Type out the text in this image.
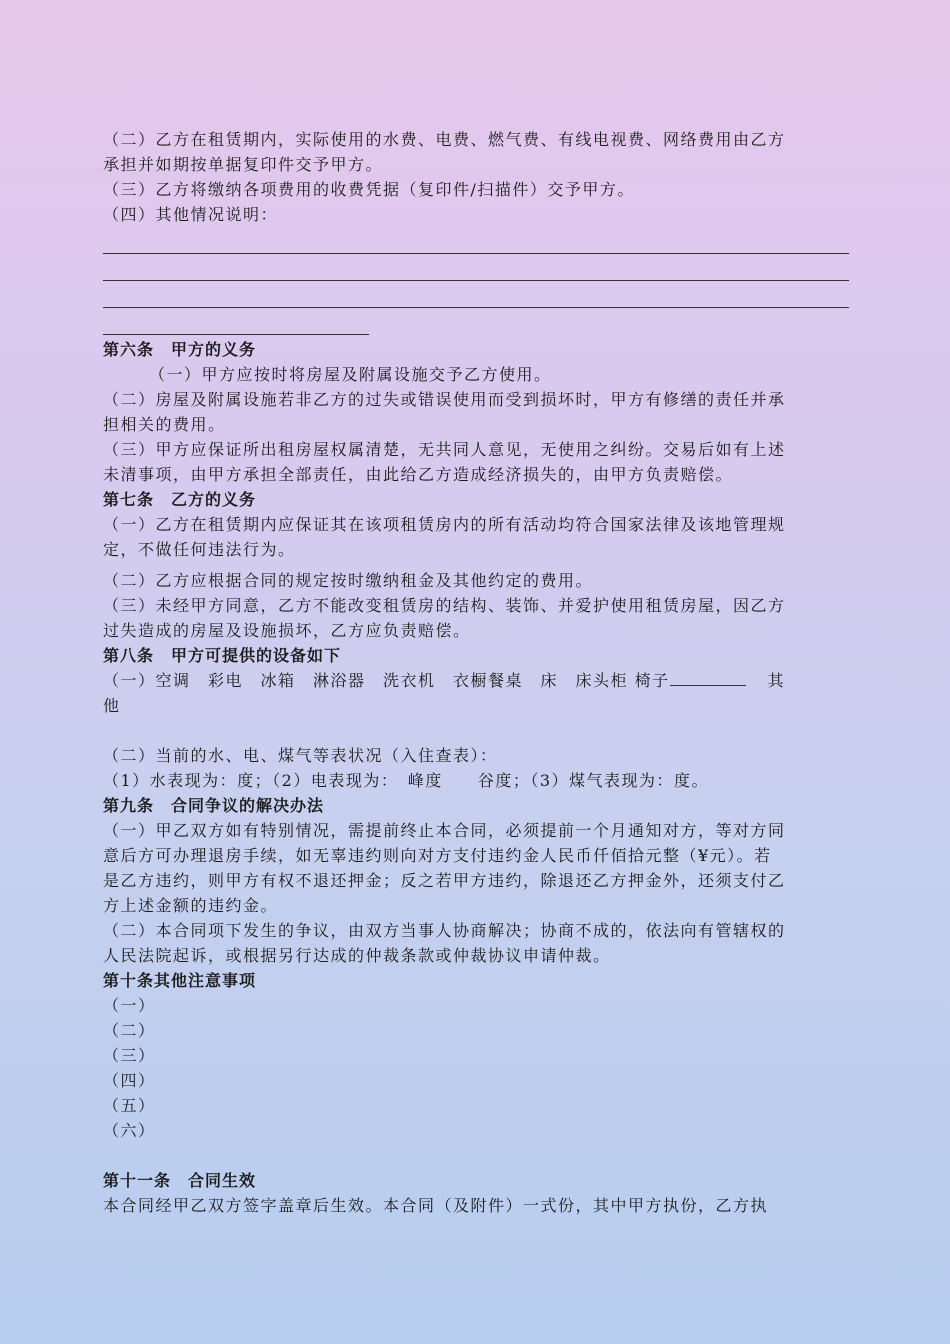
（二）乙方在租赁期内，实际使用的水费、电费、燃气费、有线电视费、网络费用由乙方
承担并如期按单据复印件交予甲方。
（三）乙方将缴纳各项费用的收费凭据（复印件/扫描件）交予甲方。
（四）其他情况说明：
第六条　甲方的义务
（一）甲方应按时将房屋及附属设施交予乙方使用。
（二）房屋及附属设施若非乙方的过失或错误使用而受到损坏时，甲方有修缮的责任并承
担相关的费用。
（三）甲方应保证所出租房屋权属清楚，无共同人意见，无使用之纠纷。交易后如有上述
未清事项，由甲方承担全部责任，由此给乙方造成经济损失的，由甲方负责赔偿。
第七条　乙方的义务
（一）乙方在租赁期内应保证其在该项租赁房内的所有活动均符合国家法律及该地管理规
定，不做任何违法行为。
（二）乙方应根据合同的规定按时缴纳租金及其他约定的费用。
（三）未经甲方同意，乙方不能改变租赁房的结构、装饰、并爱护使用租赁房屋，因乙方
过失造成的房屋及设施损坏，乙方应负责赔偿。
第八条　甲方可提供的设备如下
（一）空调　彩电　冰箱　淋浴器　洗衣机　衣橱餐桌　床　床头柜 椅子	其
他
（二）当前的水、电、煤气等表状况（入住查表）：
（1）水表现为：度；（2）电表现为：　峰度　　谷度；（3）煤气表现为：度。
第九条　合同争议的解决办法
（一）甲乙双方如有特别情况，需提前终止本合同，必须提前一个月通知对方，等对方同
意后方可办理退房手续，如无辜违约则向对方支付违约金人民币仟佰拾元整（¥元）。若
是乙方违约，则甲方有权不退还押金；反之若甲方违约，除退还乙方押金外，还须支付乙
方上述金额的违约金。
（二）本合同项下发生的争议，由双方当事人协商解决；协商不成的，依法向有管辖权的
人民法院起诉，或根据另行达成的仲裁条款或仲裁协议申请仲裁。
第十条其他注意事项
（一）
（二）
（三）
（四）
（五）
（六）
第十一条　合同生效
本合同经甲乙双方签字盖章后生效。本合同（及附件）一式份，其中甲方执份，乙方执
